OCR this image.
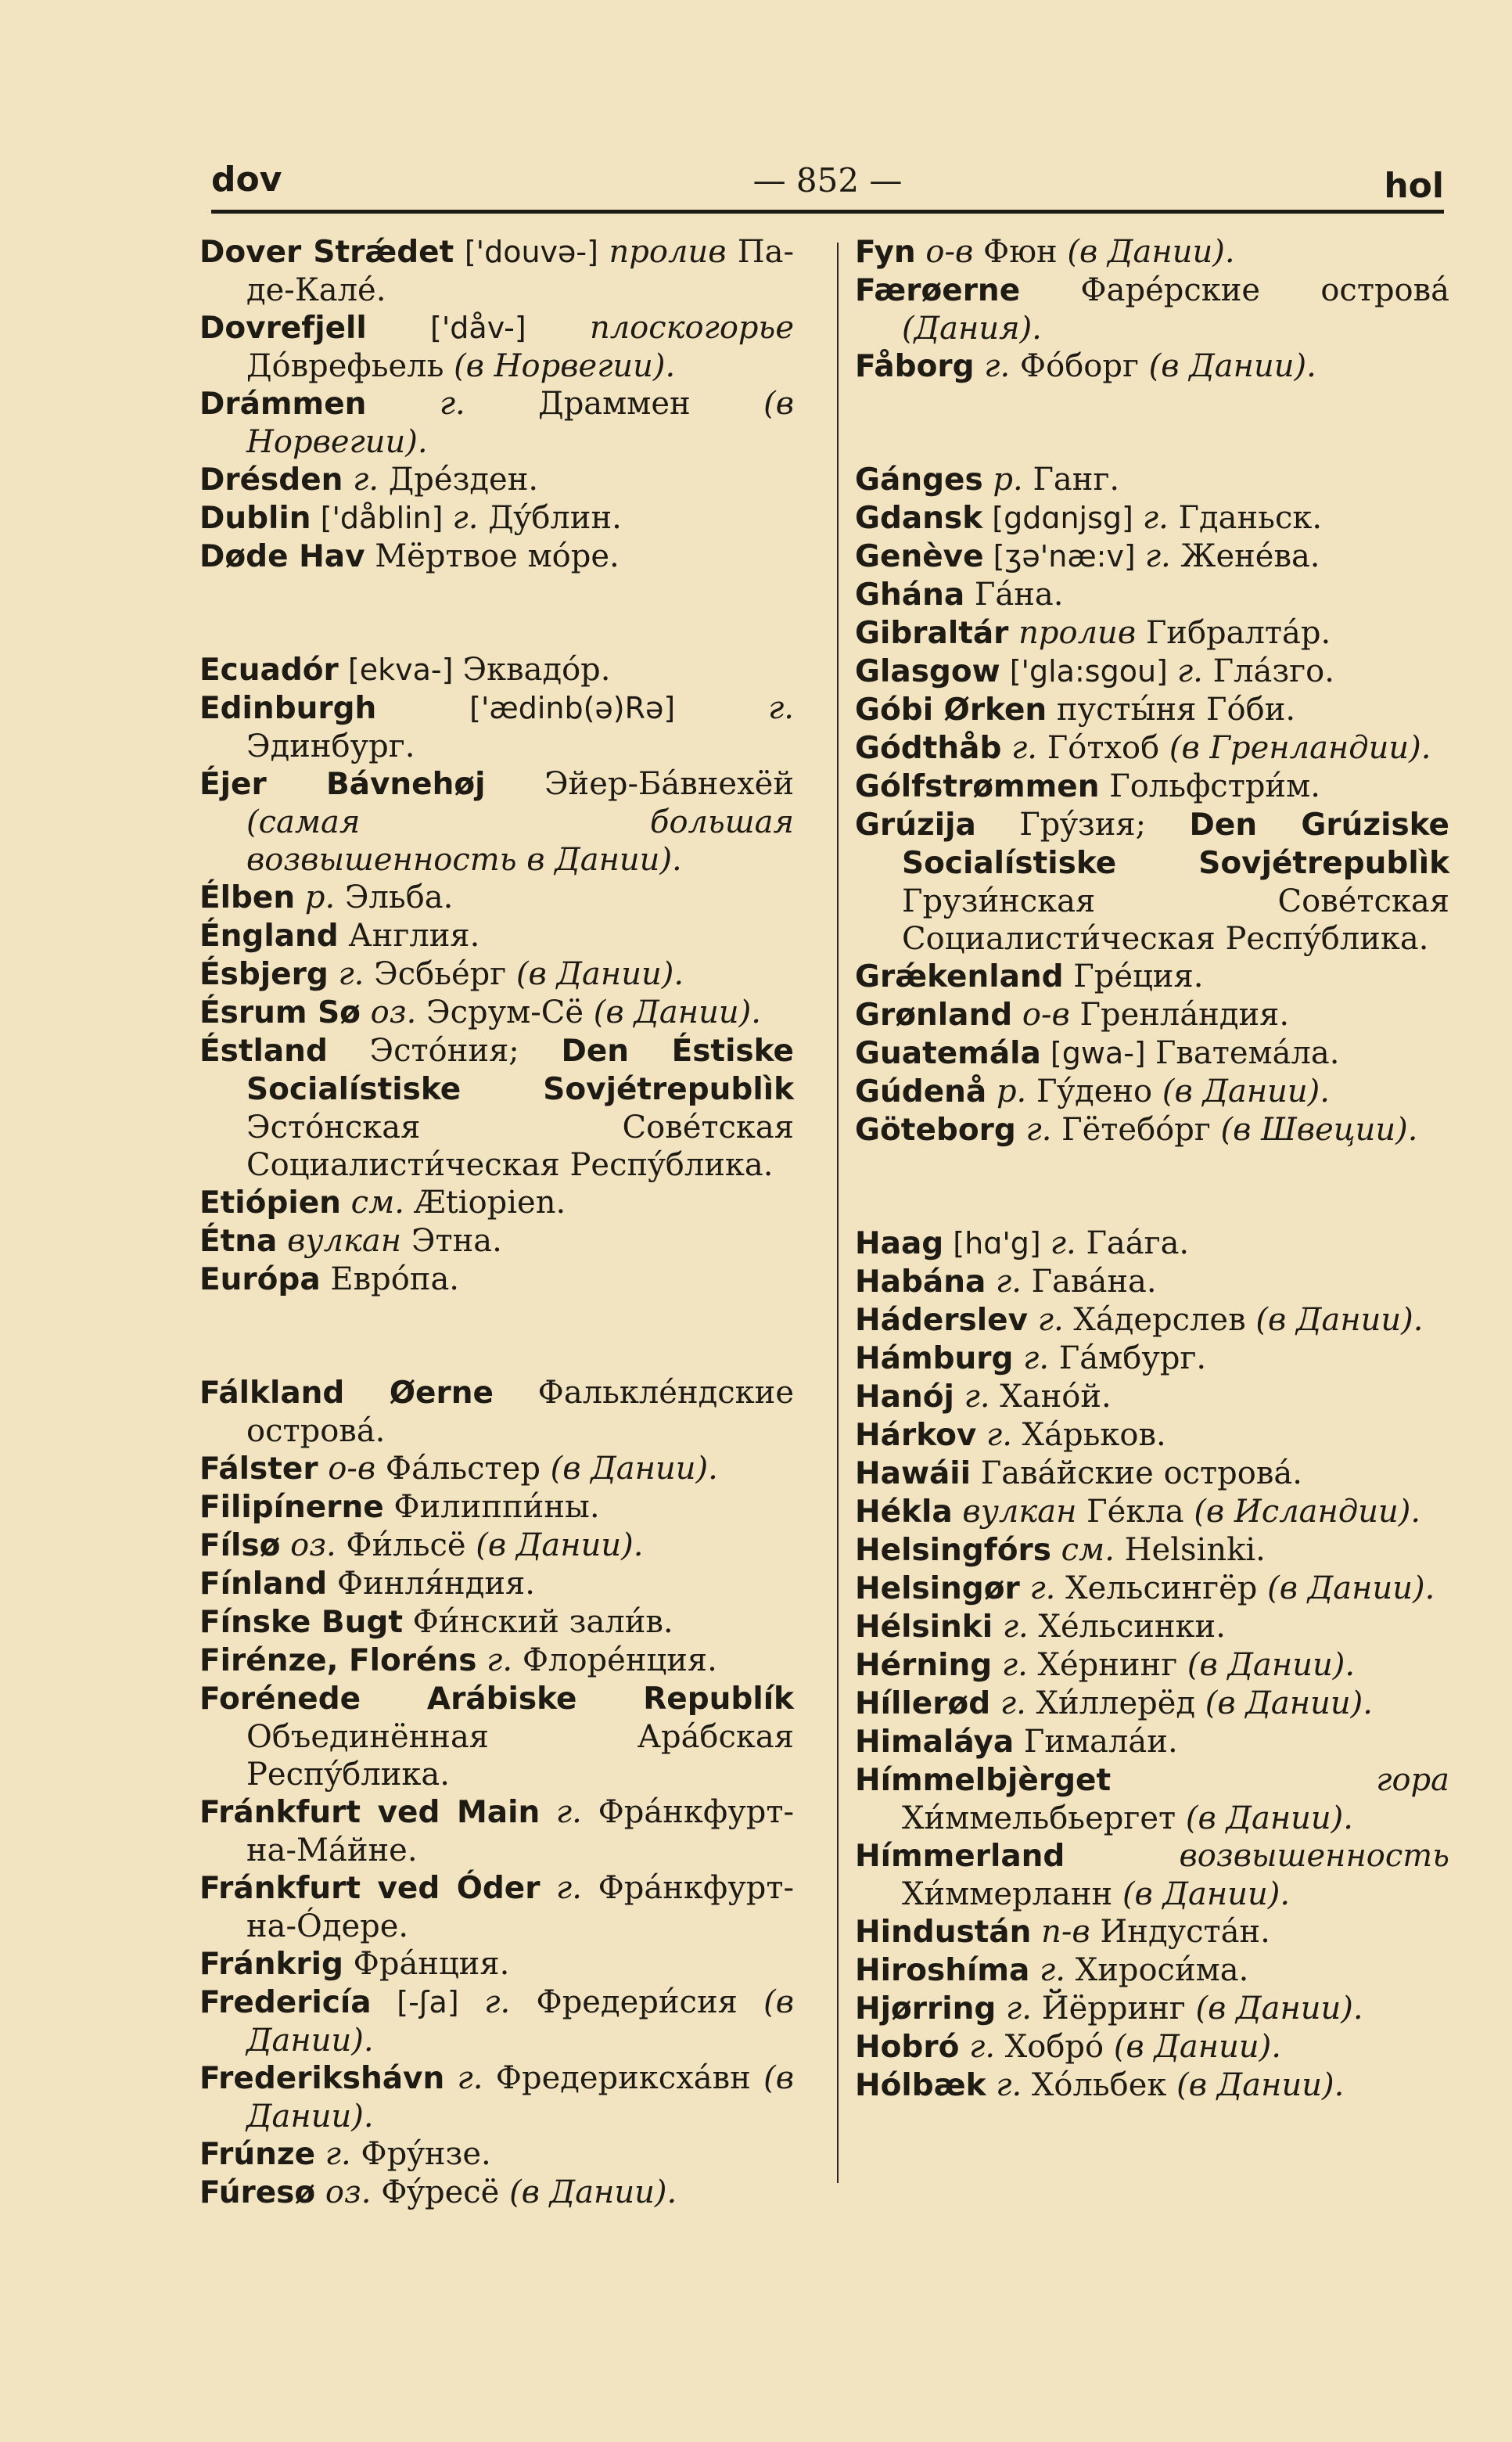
dov	— 852 —	hol

Dover Strǽdet ['douvə-] пролив Па-де-Калé.

Dovrefjell ['dåv-] плоскогорье Дóврефьель (в Норвегии).

Drámmen г. Драммен (в Норвегии).

Drésden г. Дрéзден.

Dublin ['dåblin] г. Дýблин.

Døde Hav Мёртвое мóре.

Ecuadór [ekva-] Эквадóр.

Edinburgh ['ædinb(ə)Rə] г. Эдинбург.

Éjer Bávnehøj Эйер-Бáвнехёй (самая большая возвышенность в Дании).

Élben р. Эльба.

Éngland Англия.

Ésbjerg г. Эсбьéрг (в Дании).

Ésrum Sø оз. Эсрум-Сё (в Дании).

Éstland Эстóния; Den Éstiske Socialístiske Sovjétrepublìk Эстóнская Совéтская Социалисти́ческая Респýблика.

Etiópien см. Ætiopien.

Étna вулкан Этна.

Európa Еврóпа.

Fálkland Øerne Фальклéндские островá.

Fálster о-в Фáльстер (в Дании).

Filipínerne Филиппи́ны.

Fílsø оз. Фи́льсё (в Дании).

Fínland Финля́ндия.

Fínske Bugt Фи́нский зали́в.

Firénze, Floréns г. Флорéнция.

Forénede Arábiske Republík Объединённая Арáбская Респýблика.

Fránkfurt ved Main г. Фрáнкфурт-на-Мáйне.

Fránkfurt ved Óder г. Фрáнкфурт-на-Óдере.

Fránkrig Фрáнция.

Fredericía [-ʃa] г. Фредери́сия (в Дании).

Frederikshávn г. Фредериксхáвн (в Дании).

Frúnze г. Фрýнзе.

Fúresø оз. Фýресё (в Дании).

Fyn о-в Фюн (в Дании).

Færøerne Фарéрские островá (Дания).

Fåborg г. Фóборг (в Дании).

Gánges р. Ганг.

Gdansk [gdɑnjsg] г. Гданьск.

Genève [ʒə'næ:v] г. Женéва.

Ghána Гáна.

Gibraltár пролив Гибралтáр.

Glasgow ['gla:sgou] г. Глáзго.

Góbi Ørken пусты́ня Гóби.

Gódthåb г. Гóтхоб (в Гренландии).

Gólfstrømmen Гольфстри́м.

Grúzija Грýзия; Den Grúziske Socialístiske Sovjétrepublìk Грузи́нская Совéтская Социалисти́ческая Респýблика.

Grǽkenland Грéция.

Grønland о-в Гренлáндия.

Guatemála [gwa-] Гватемáла.

Gúdenå р. Гýдено (в Дании).

Göteborg г. Гётебóрг (в Швеции).

Haag [hɑ'g] г. Гаáга.

Habána г. Гавáна.

Háderslev г. Хáдерслев (в Дании).

Hámburg г. Гáмбург.

Hanój г. Ханóй.

Hárkov г. Хáрьков.

Hawáii Гавáйские островá.

Hékla вулкан Гéкла (в Исландии).

Helsingfórs см. Helsinki.

Helsingør г. Хельсингёр (в Дании).

Hélsinki г. Хéльсинки.

Hérning г. Хéрнинг (в Дании).

Híllerød г. Хи́ллерёд (в Дании).

Himaláya Гималáи.

Hímmelbjèrget гора Хи́ммельбьергет (в Дании).

Hímmerland возвышенность Хи́ммерланн (в Дании).

Hindustán п-в Индустáн.

Hiroshíma г. Хироси́ма.

Hjørring г. Йёрринг (в Дании).

Hobró г. Хобрó (в Дании).

Hólbæk г. Хóльбек (в Дании).
